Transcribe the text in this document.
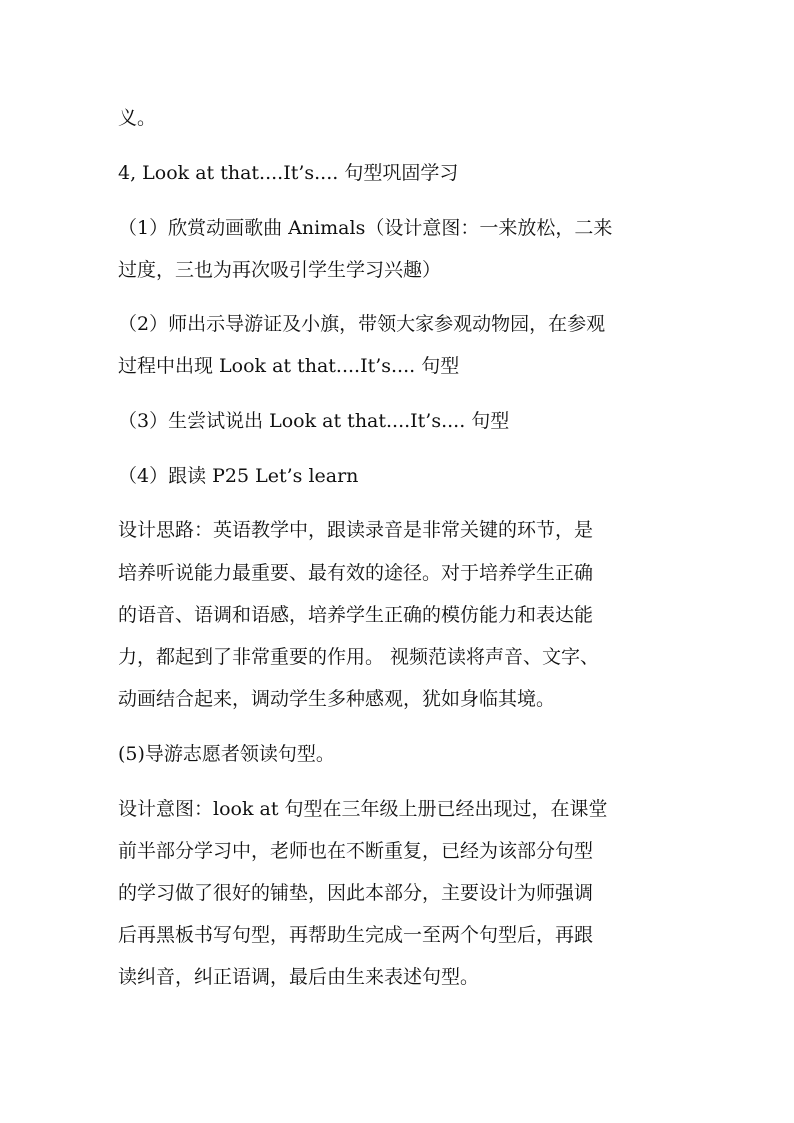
义。
4, Look at that....It’s.... 句型巩固学习
（1）欣赏动画歌曲 Animals（设计意图：一来放松，二来
过度，三也为再次吸引学生学习兴趣）
（2）师出示导游证及小旗，带领大家参观动物园，在参观
过程中出现 Look at that....It’s.... 句型
（3）生尝试说出 Look at that....It’s.... 句型
（4）跟读 P25 Let’s learn
设计思路：英语教学中，跟读录音是非常关键的环节，是
培养听说能力最重要、最有效的途径。对于培养学生正确
的语音、语调和语感，培养学生正确的模仿能力和表达能
力，都起到了非常重要的作用。 视频范读将声音、文字、
动画结合起来，调动学生多种感观，犹如身临其境。
(5)导游志愿者领读句型。
设计意图：look at 句型在三年级上册已经出现过，在课堂
前半部分学习中，老师也在不断重复，已经为该部分句型
的学习做了很好的铺垫，因此本部分，主要设计为师强调
后再黑板书写句型，再帮助生完成一至两个句型后，再跟
读纠音，纠正语调，最后由生来表述句型。
